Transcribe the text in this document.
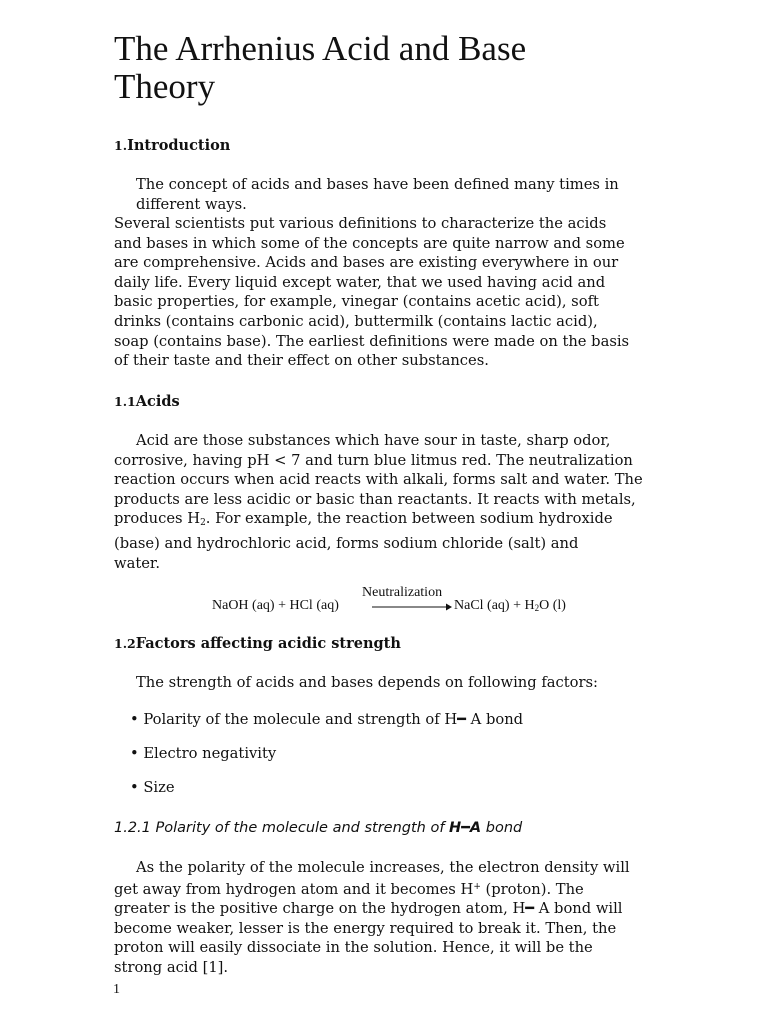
The Arrhenius Acid and Base
Theory
1.Introduction
The concept of acids and bases have been defined many times in
different ways.
Several scientists put various definitions to characterize the acids
and bases in which some of the concepts are quite narrow and some
are comprehensive. Acids and bases are existing everywhere in our
daily life. Every liquid except water, that we used having acid and
basic properties, for example, vinegar (contains acetic acid), soft
drinks (contains carbonic acid), buttermilk (contains lactic acid),
soap (contains base). The earliest definitions were made on the basis
of their taste and their effect on other substances.
1.1Acids
Acid are those substances which have sour in taste, sharp odor,
corrosive, having pH < 7 and turn blue litmus red. The neutralization
reaction occurs when acid reacts with alkali, forms salt and water. The
products are less acidic or basic than reactants. It reacts with metals,
produces $H_2$. For example, the reaction between sodium hydroxide
(base) and hydrochloric acid, forms sodium chloride (salt) and
water.
NaOH (aq) + HCl (aq)
Neutralization
NaCl $(aq) + H_2O$ (l)
1.2Factors affecting acidic strength

The strength of acids and bases depends on following factors:

• Polarity of the molecule and strength of H━ A bond

• Electro negativity

• Size

1.2.1 Polarity of the molecule and strength of H━A bond
As the polarity of the molecule increases, the electron density will
get away from hydrogen atom and it becomes H+ (proton). The
greater is the positive charge on the hydrogen atom, H━ A bond will
become weaker, lesser is the energy required to break it. Then, the
proton will easily dissociate in the solution. Hence, it will be the
strong acid [1].
1
